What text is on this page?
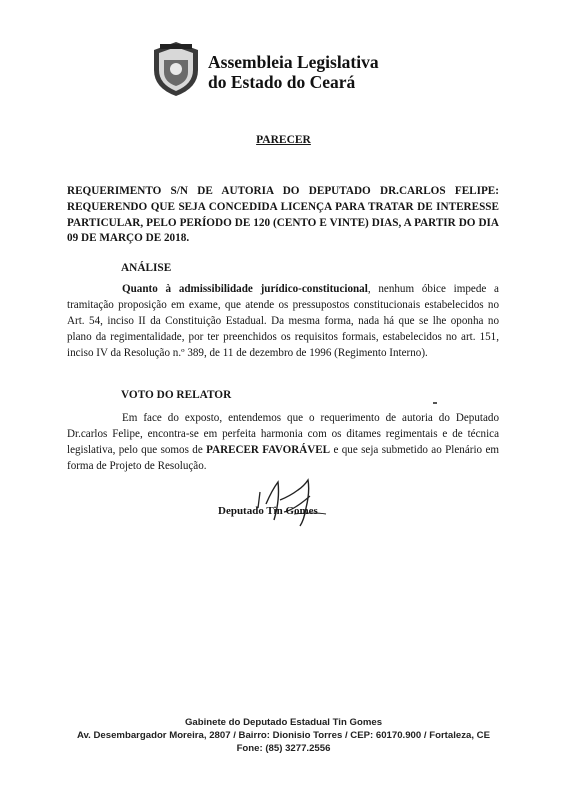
Assembleia Legislativa
do Estado do Ceará
PARECER
REQUERIMENTO S/N DE AUTORIA DO DEPUTADO DR.CARLOS FELIPE: REQUERENDO QUE SEJA CONCEDIDA LICENÇA PARA TRATAR DE INTERESSE PARTICULAR, PELO PERÍODO DE 120 (CENTO E VINTE) DIAS, A PARTIR DO DIA 09 DE MARÇO DE 2018.
ANÁLISE
Quanto à admissibilidade jurídico-constitucional, nenhum óbice impede a tramitação proposição em exame, que atende os pressupostos constitucionais estabelecidos no Art. 54, inciso II da Constituição Estadual. Da mesma forma, nada há que se lhe oponha no plano da regimentalidade, por ter preenchidos os requisitos formais, estabelecidos no art. 151, inciso IV da Resolução n.º 389, de 11 de dezembro de 1996 (Regimento Interno).
VOTO DO RELATOR
Em face do exposto, entendemos que o requerimento de autoria do Deputado Dr.carlos Felipe, encontra-se em perfeita harmonia com os ditames regimentais e de técnica legislativa, pelo que somos de PARECER FAVORÁVEL e que seja submetido ao Plenário em forma de Projeto de Resolução.
Deputado Tin Gomes
Gabinete do Deputado Estadual Tin Gomes
Av. Desembargador Moreira, 2807 / Bairro: Dionisio Torres / CEP: 60170.900 / Fortaleza, CE
Fone: (85) 3277.2556
